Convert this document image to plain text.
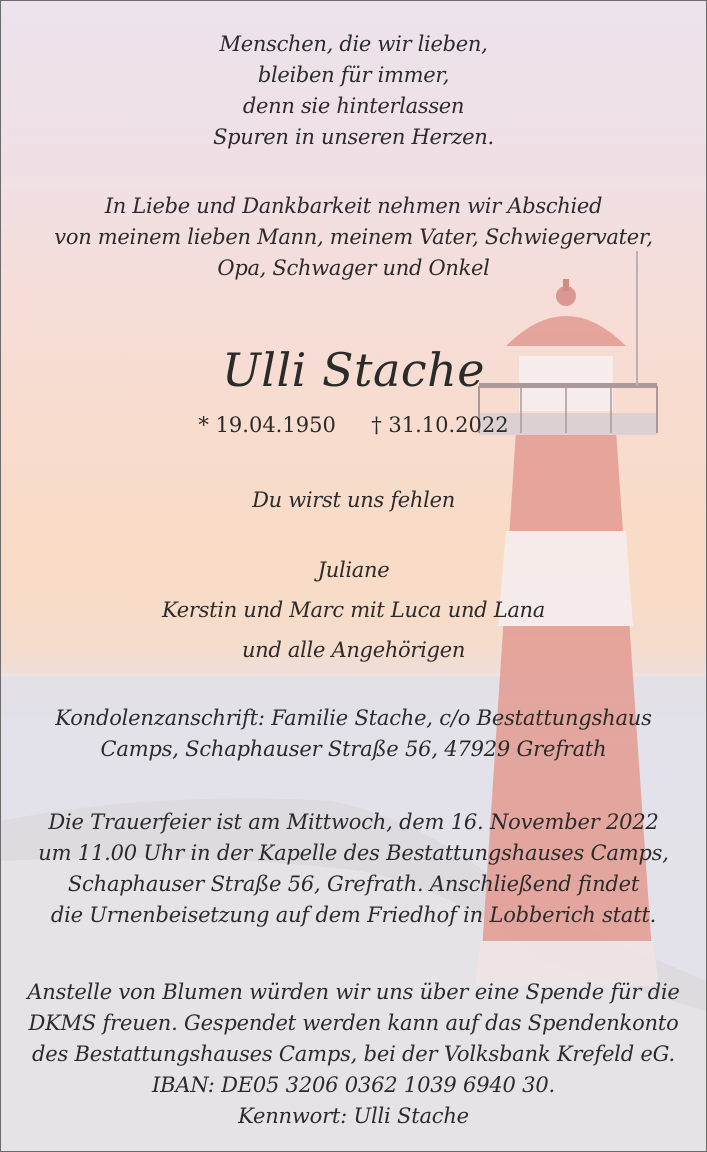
Menschen, die wir lieben,
bleiben für immer,
denn sie hinterlassen
Spuren in unseren Herzen.
In Liebe und Dankbarkeit nehmen wir Abschied
von meinem lieben Mann, meinem Vater, Schwiegervater,
Opa, Schwager und Onkel
Ulli Stache
* 19.04.1950 † 31.10.2022
Du wirst uns fehlen
Juliane
Kerstin und Marc mit Luca und Lana
und alle Angehörigen
Kondolenzanschrift: Familie Stache, c/o Bestattungshaus
Camps, Schaphauser Straße 56, 47929 Grefrath
Die Trauerfeier ist am Mittwoch, dem 16. November 2022
um 11.00 Uhr in der Kapelle des Bestattungshauses Camps,
Schaphauser Straße 56, Grefrath. Anschließend findet
die Urnenbeisetzung auf dem Friedhof in Lobberich statt.
Anstelle von Blumen würden wir uns über eine Spende für die
DKMS freuen. Gespendet werden kann auf das Spendenkonto
des Bestattungshauses Camps, bei der Volksbank Krefeld eG.
IBAN: DE05 3206 0362 1039 6940 30.
Kennwort: Ulli Stache
